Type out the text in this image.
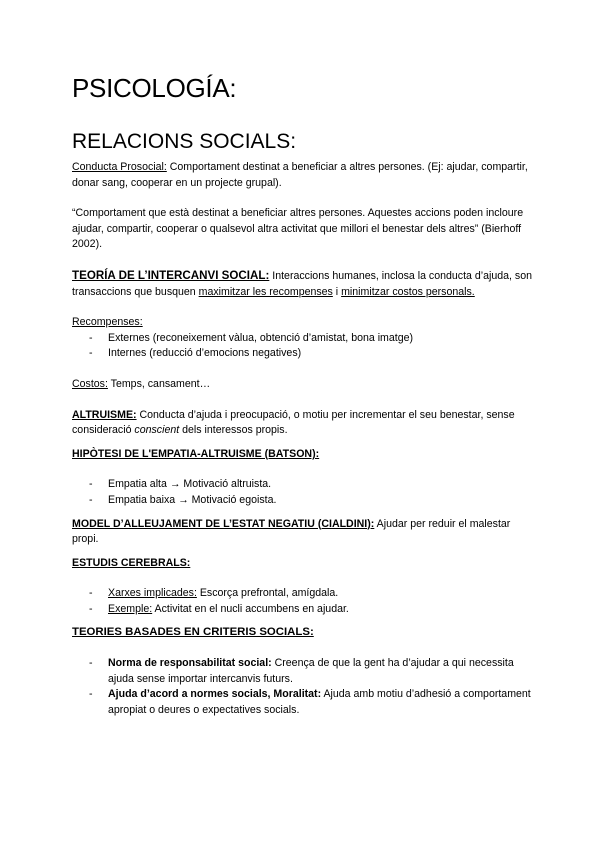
PSICOLOGÍA:
RELACIONS SOCIALS:

Conducta Prosocial: Comportament destinat a beneficiar a altres persones. (Ej: ajudar, compartir, donar sang, cooperar en un projecte grupal).

“Comportament que està destinat a beneficiar altres persones. Aquestes accions poden incloure ajudar, compartir, cooperar o qualsevol altra activitat que millori el benestar dels altres” (Bierhoff 2002).

TEORÍA DE L’INTERCANVI SOCIAL: Interaccions humanes, inclosa la conducta d’ajuda, son transaccions que busquen maximitzar les recompenses i minimitzar costos personals.

Recompenses:

- Externes (reconeixement vàlua, obtenció d’amistat, bona imatge)
- Internes (reducció d’emocions negatives)

Costos: Temps, cansament…

ALTRUISME: Conducta d’ajuda i preocupació, o motiu per incrementar el seu benestar, sense consideració conscient dels interessos propis.

HIPÒTESI DE L'EMPATIA-ALTRUISME (BATSON):

- Empatia alta → Motivació altruista.
- Empatia baixa → Motivació egoista.

MODEL D’ALLEUJAMENT DE L’ESTAT NEGATIU (CIALDINI): Ajudar per reduir el malestar propi.

ESTUDIS CEREBRALS:

- Xarxes implicades: Escorça prefrontal, amígdala.
- Exemple: Activitat en el nucli accumbens en ajudar.

TEORIES BASADES EN CRITERIS SOCIALS:

- Norma de responsabilitat social: Creença de que la gent ha d’ajudar a qui necessita ajuda sense importar intercanvis futurs.
- Ajuda d’acord a normes socials, Moralitat: Ajuda amb motiu d’adhesió a comportament apropiat o deures o expectatives socials.
